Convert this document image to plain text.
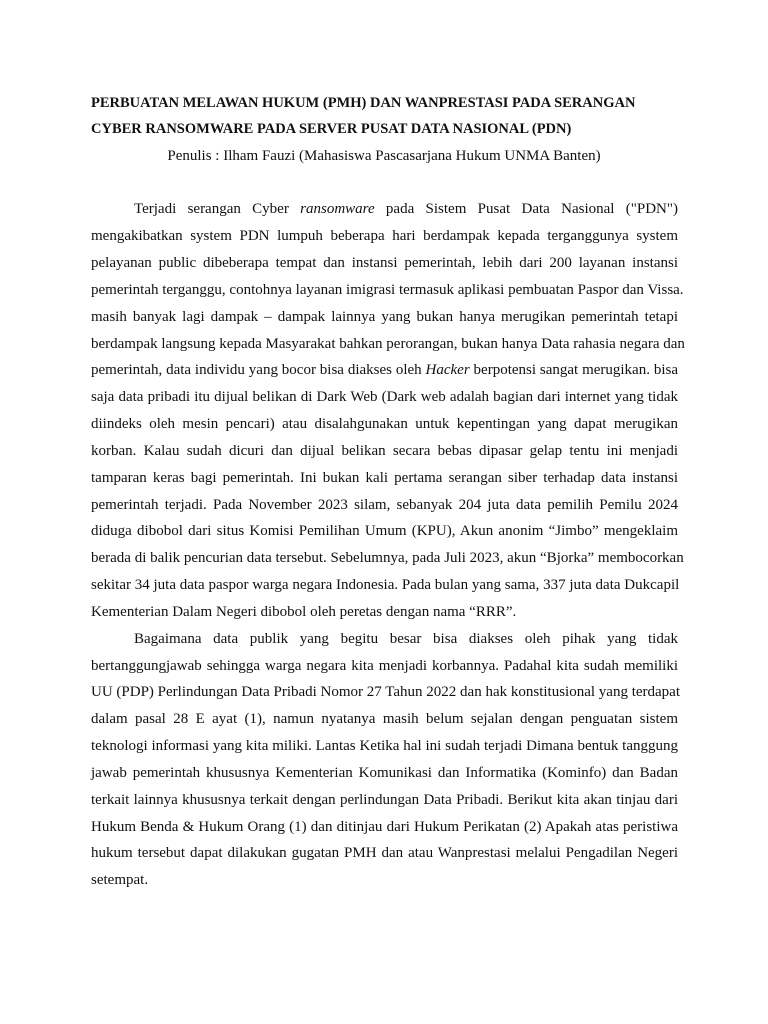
PERBUATAN MELAWAN HUKUM (PMH) DAN WANPRESTASI PADA SERANGAN
CYBER RANSOMWARE PADA SERVER PUSAT DATA NASIONAL (PDN)

Penulis : Ilham Fauzi (Mahasiswa Pascasarjana Hukum UNMA Banten)

Terjadi serangan Cyber ransomware pada Sistem Pusat Data Nasional ("PDN")

mengakibatkan system PDN lumpuh beberapa hari berdampak kepada terganggunya system

pelayanan public dibeberapa tempat dan instansi pemerintah, lebih dari 200 layanan instansi

pemerintah terganggu, contohnya layanan imigrasi termasuk aplikasi pembuatan Paspor dan Vissa.

masih banyak lagi dampak – dampak lainnya yang bukan hanya merugikan pemerintah tetapi

berdampak langsung kepada Masyarakat bahkan perorangan, bukan hanya Data rahasia negara dan

pemerintah, data individu yang bocor bisa diakses oleh Hacker berpotensi sangat merugikan. bisa

saja data pribadi itu dijual belikan di Dark Web (Dark web adalah bagian dari internet yang tidak

diindeks oleh mesin pencari) atau disalahgunakan untuk kepentingan yang dapat merugikan

korban. Kalau sudah dicuri dan dijual belikan secara bebas dipasar gelap tentu ini menjadi

tamparan keras bagi pemerintah. Ini bukan kali pertama serangan siber terhadap data instansi

pemerintah terjadi. Pada November 2023 silam, sebanyak 204 juta data pemilih Pemilu 2024

diduga dibobol dari situs Komisi Pemilihan Umum (KPU), Akun anonim “Jimbo” mengeklaim

berada di balik pencurian data tersebut. Sebelumnya, pada Juli 2023, akun “Bjorka” membocorkan

sekitar 34 juta data paspor warga negara Indonesia. Pada bulan yang sama, 337 juta data Dukcapil

Kementerian Dalam Negeri dibobol oleh peretas dengan nama “RRR”.

Bagaimana data publik yang begitu besar bisa diakses oleh pihak yang tidak

bertanggungjawab sehingga warga negara kita menjadi korbannya. Padahal kita sudah memiliki

UU (PDP) Perlindungan Data Pribadi Nomor 27 Tahun 2022 dan hak konstitusional yang terdapat

dalam pasal 28 E ayat (1), namun nyatanya masih belum sejalan dengan penguatan sistem

teknologi informasi yang kita miliki. Lantas Ketika hal ini sudah terjadi Dimana bentuk tanggung

jawab pemerintah khususnya Kementerian Komunikasi dan Informatika (Kominfo) dan Badan

terkait lainnya khususnya terkait dengan perlindungan Data Pribadi. Berikut kita akan tinjau dari

Hukum Benda & Hukum Orang (1) dan ditinjau dari Hukum Perikatan (2) Apakah atas peristiwa

hukum tersebut dapat dilakukan gugatan PMH dan atau Wanprestasi melalui Pengadilan Negeri

setempat.
